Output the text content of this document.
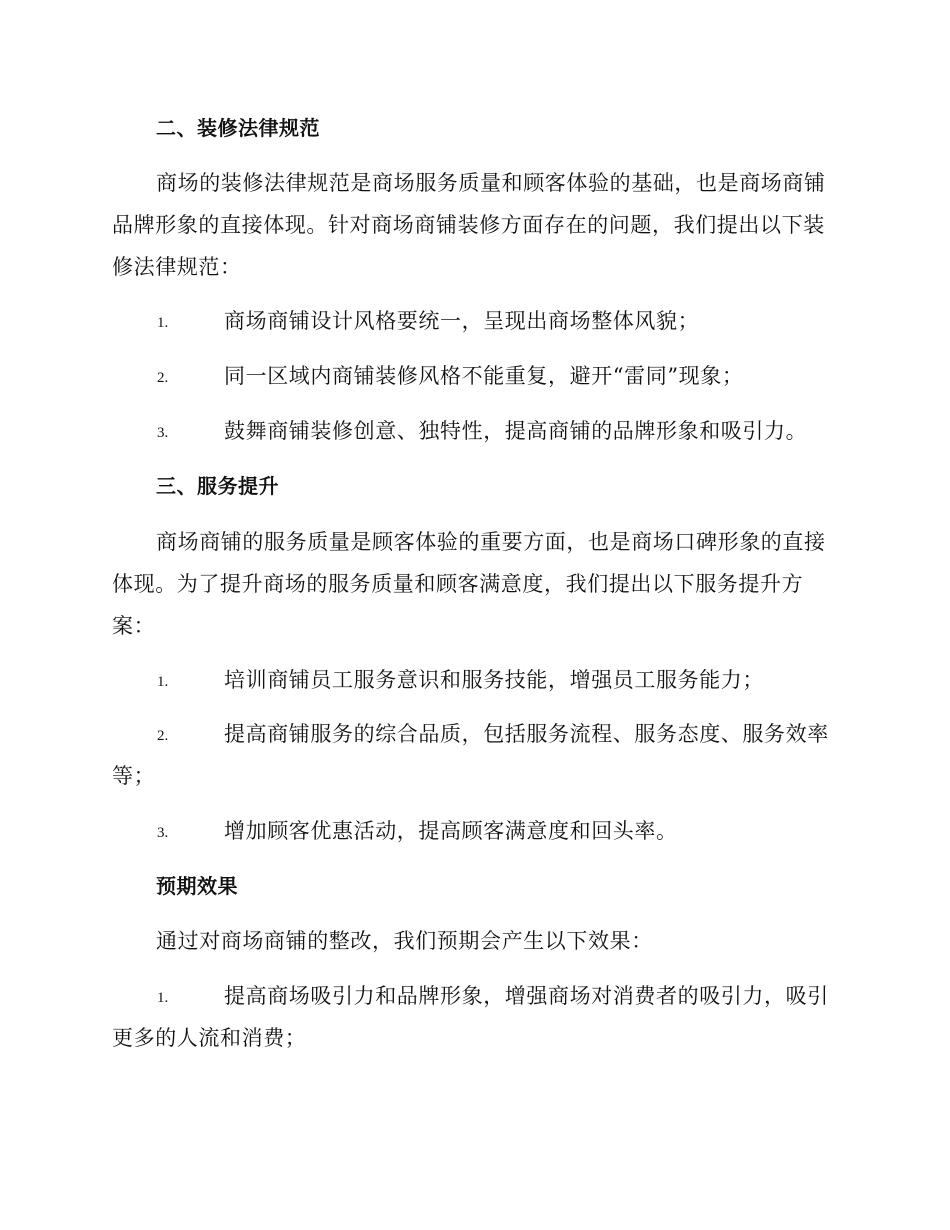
二、装修法律规范
商场的装修法律规范是商场服务质量和顾客体验的基础，也是商场商铺
品牌形象的直接体现。针对商场商铺装修方面存在的问题，我们提出以下装
修法律规范：
1.	商场商铺设计风格要统一，呈现出商场整体风貌；
2.	同一区域内商铺装修风格不能重复，避开“雷同”现象；
3.	鼓舞商铺装修创意、独特性，提高商铺的品牌形象和吸引力。
三、服务提升
商场商铺的服务质量是顾客体验的重要方面，也是商场口碑形象的直接
体现。为了提升商场的服务质量和顾客满意度，我们提出以下服务提升方
案：
1.	培训商铺员工服务意识和服务技能，增强员工服务能力；
2.	提高商铺服务的综合品质，包括服务流程、服务态度、服务效率
等；
3.	增加顾客优惠活动，提高顾客满意度和回头率。
预期效果
通过对商场商铺的整改，我们预期会产生以下效果：
1.	提高商场吸引力和品牌形象，增强商场对消费者的吸引力，吸引
更多的人流和消费；
